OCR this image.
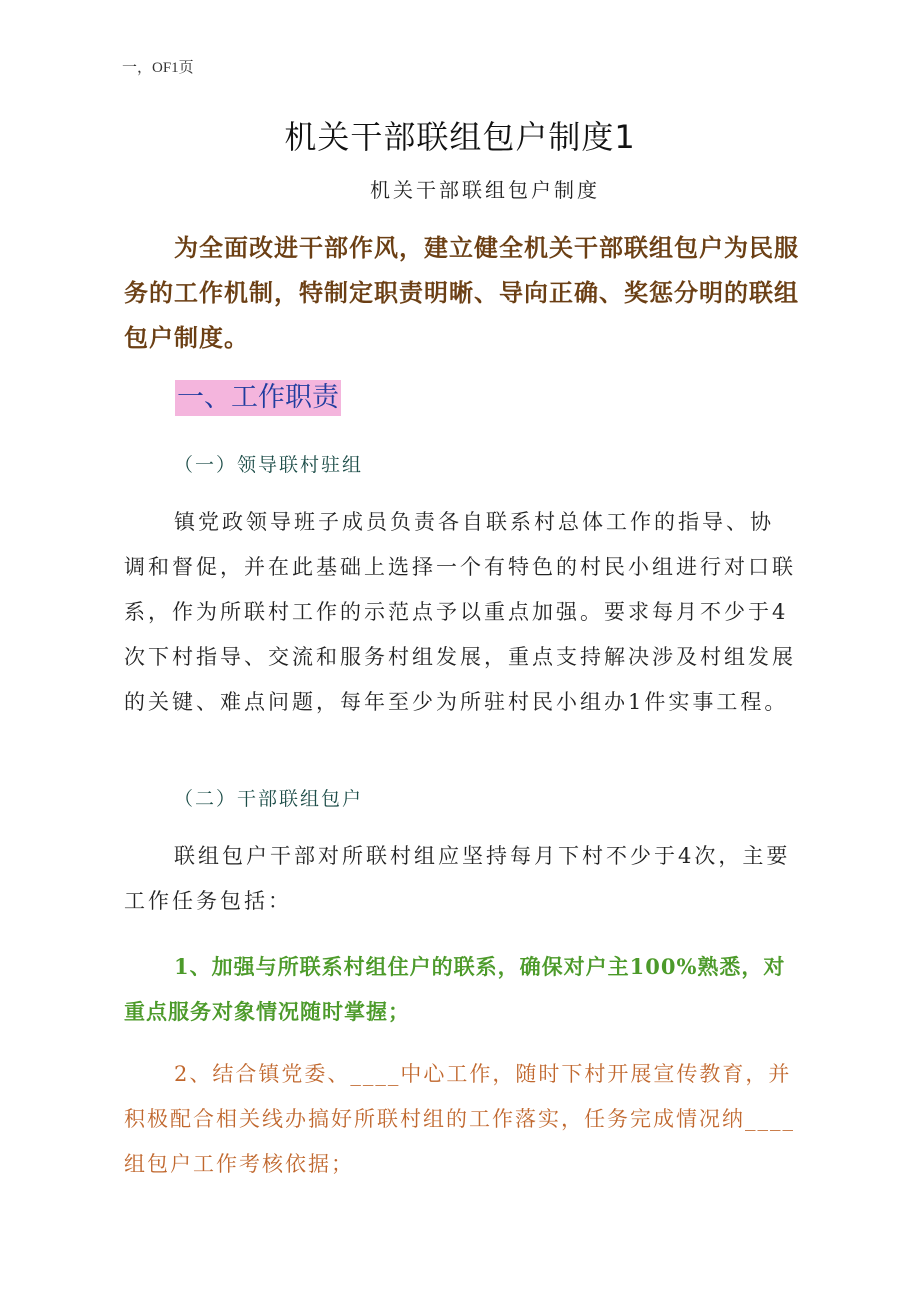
一，OF1页
机关干部联组包户制度1
机关干部联组包户制度
为全面改进干部作风，建立健全机关干部联组包户为民服务的工作机制，特制定职责明晰、导向正确、奖惩分明的联组包户制度。
一、工作职责
（一）领导联村驻组
镇党政领导班子成员负责各自联系村总体工作的指导、协调和督促，并在此基础上选择一个有特色的村民小组进行对口联系，作为所联村工作的示范点予以重点加强。要求每月不少于4次下村指导、交流和服务村组发展，重点支持解决涉及村组发展的关键、难点问题，每年至少为所驻村民小组办1件实事工程。
（二）干部联组包户
联组包户干部对所联村组应坚持每月下村不少于4次，主要工作任务包括：
1、加强与所联系村组住户的联系，确保对户主100%熟悉，对重点服务对象情况随时掌握；
2、结合镇党委、____中心工作，随时下村开展宣传教育，并积极配合相关线办搞好所联村组的工作落实，任务完成情况纳____组包户工作考核依据；
